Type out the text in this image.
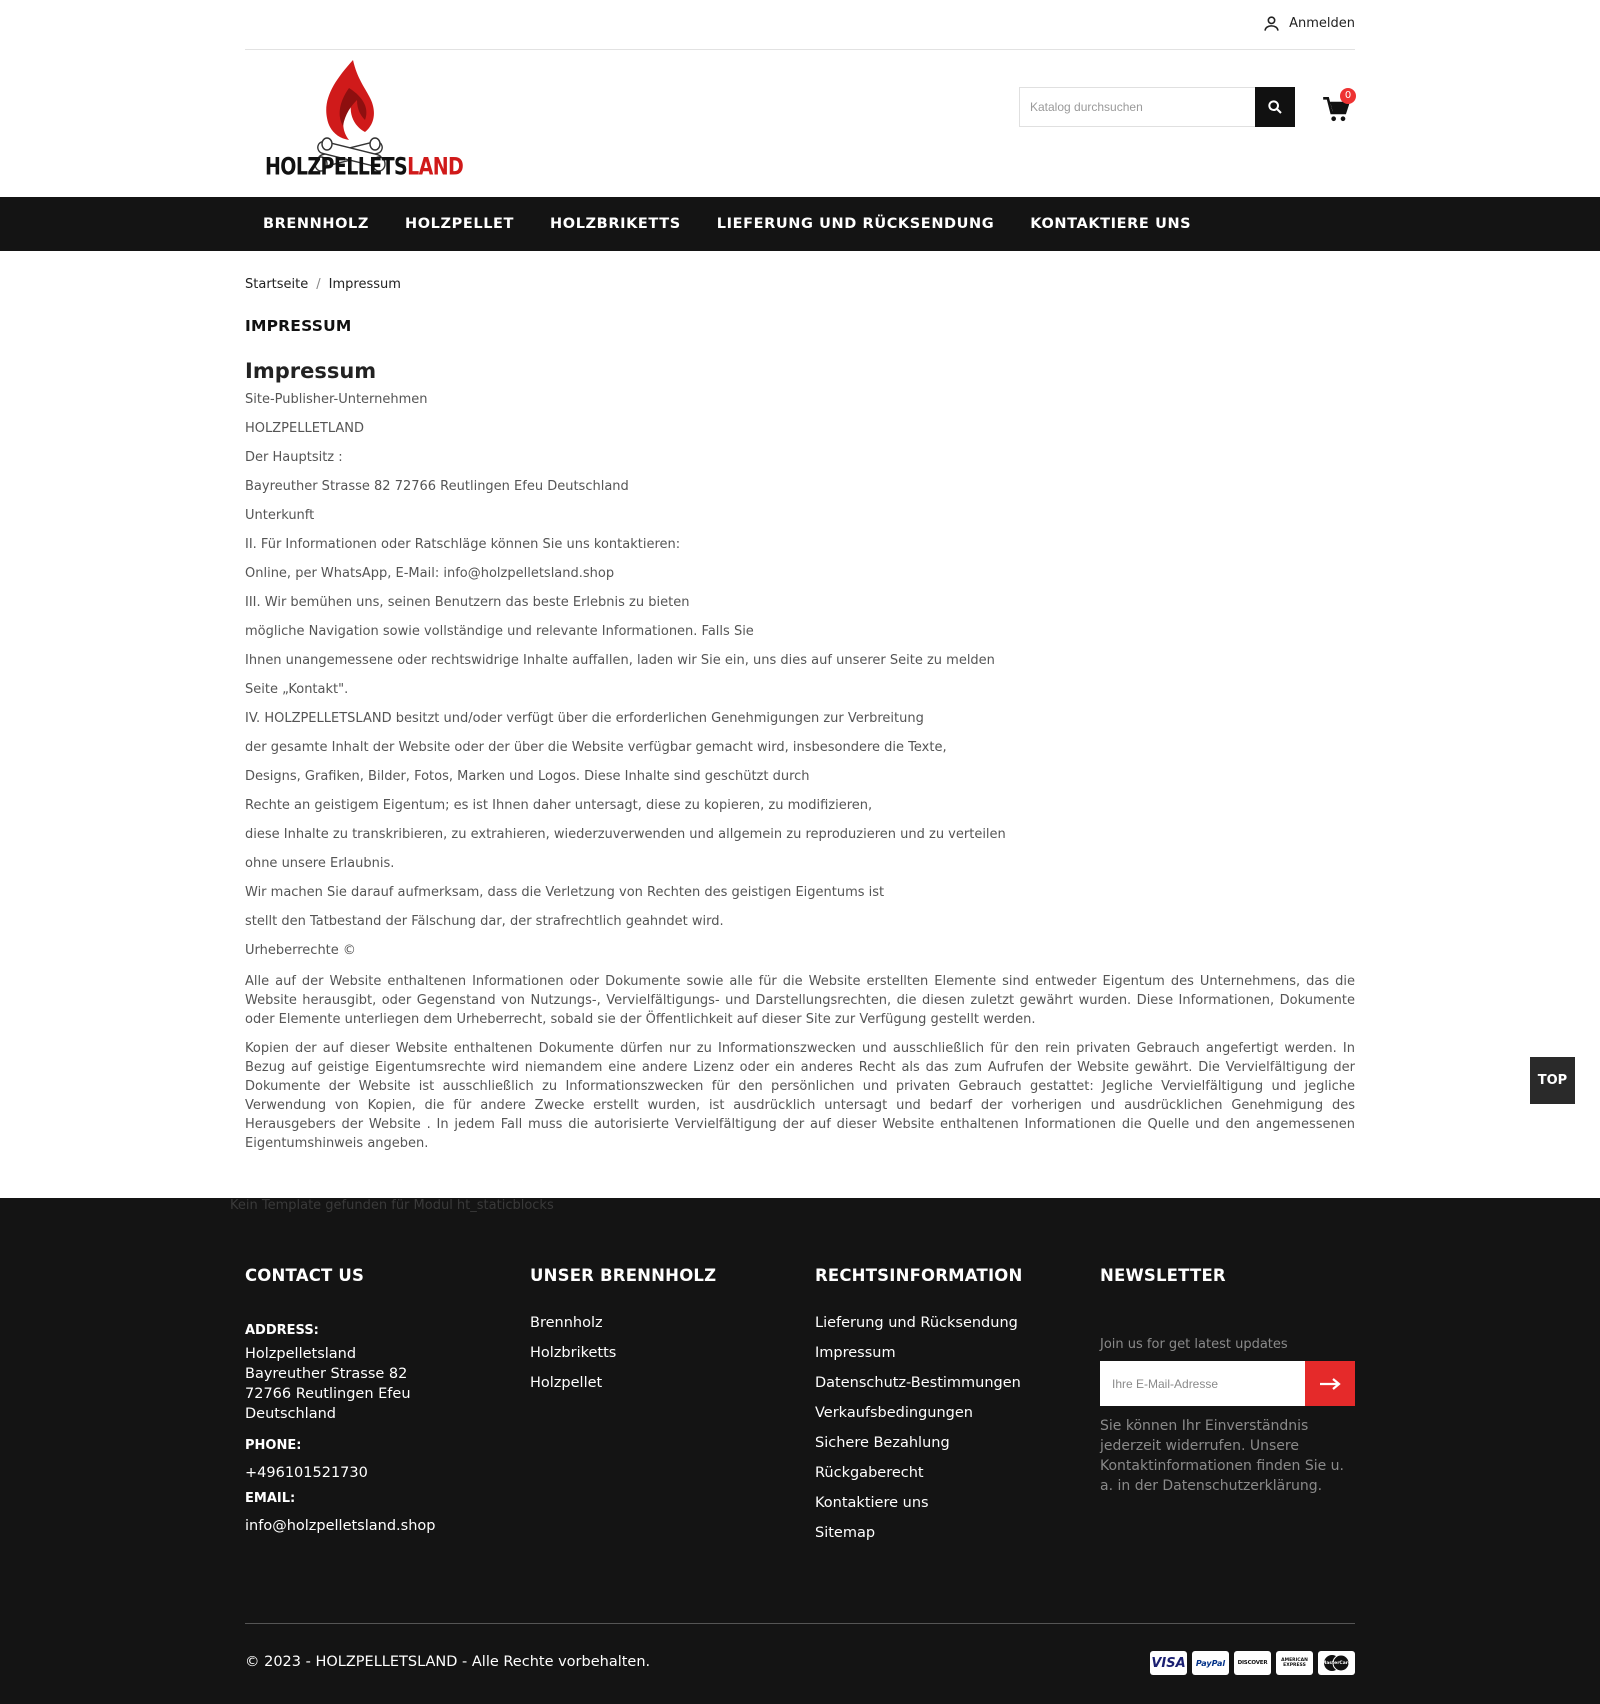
Anmelden
HOLZPELLETSLAND
Katalog durchsuchen
0
BRENNHOLZ	HOLZPELLET	HOLZBRIKETTS	LIEFERUNG UND RÜCKSENDUNG	KONTAKTIERE UNS
Startseite / Impressum
IMPRESSUM
Impressum

Site-Publisher-Unternehmen

HOLZPELLETLAND

Der Hauptsitz :

Bayreuther Strasse 82 72766 Reutlingen Efeu Deutschland

Unterkunft

II. Für Informationen oder Ratschläge können Sie uns kontaktieren:

Online, per WhatsApp, E-Mail: info@holzpelletsland.shop

III. Wir bemühen uns, seinen Benutzern das beste Erlebnis zu bieten

mögliche Navigation sowie vollständige und relevante Informationen. Falls Sie

Ihnen unangemessene oder rechtswidrige Inhalte auffallen, laden wir Sie ein, uns dies auf unserer Seite zu melden

Seite „Kontakt".

IV. HOLZPELLETSLAND besitzt und/oder verfügt über die erforderlichen Genehmigungen zur Verbreitung

der gesamte Inhalt der Website oder der über die Website verfügbar gemacht wird, insbesondere die Texte,

Designs, Grafiken, Bilder, Fotos, Marken und Logos. Diese Inhalte sind geschützt durch

Rechte an geistigem Eigentum; es ist Ihnen daher untersagt, diese zu kopieren, zu modifizieren,

diese Inhalte zu transkribieren, zu extrahieren, wiederzuverwenden und allgemein zu reproduzieren und zu verteilen

ohne unsere Erlaubnis.

Wir machen Sie darauf aufmerksam, dass die Verletzung von Rechten des geistigen Eigentums ist

stellt den Tatbestand der Fälschung dar, der strafrechtlich geahndet wird.

Urheberrechte ©

Alle auf der Website enthaltenen Informationen oder Dokumente sowie alle für die Website erstellten Elemente sind entweder Eigentum des Unternehmens, das die Website herausgibt, oder Gegenstand von Nutzungs-, Vervielfältigungs- und Darstellungsrechten, die diesen zuletzt gewährt wurden. Diese Informationen, Dokumente oder Elemente unterliegen dem Urheberrecht, sobald sie der Öffentlichkeit auf dieser Site zur Verfügung gestellt werden.

Kopien der auf dieser Website enthaltenen Dokumente dürfen nur zu Informationszwecken und ausschließlich für den rein privaten Gebrauch angefertigt werden. In Bezug auf geistige Eigentumsrechte wird niemandem eine andere Lizenz oder ein anderes Recht als das zum Aufrufen der Website gewährt. Die Vervielfältigung der Dokumente der Website ist ausschließlich zu Informationszwecken für den persönlichen und privaten Gebrauch gestattet: Jegliche Vervielfältigung und jegliche Verwendung von Kopien, die für andere Zwecke erstellt wurden, ist ausdrücklich untersagt und bedarf der vorherigen und ausdrücklichen Genehmigung des Herausgebers der Website . In jedem Fall muss die autorisierte Vervielfältigung der auf dieser Website enthaltenen Informationen die Quelle und den angemessenen Eigentumshinweis angeben.

TOP
Kein Template gefunden für Modul ht_staticblocks
CONTACT US
ADDRESS:
Holzpelletsland
Bayreuther Strasse 82
72766 Reutlingen Efeu
Deutschland
PHONE:
+496101521730
EMAIL:
info@holzpelletsland.shop
UNSER BRENNHOLZ
Brennholz
Holzbriketts
Holzpellet
RECHTSINFORMATION
Lieferung und Rücksendung
Impressum
Datenschutz-Bestimmungen
Verkaufsbedingungen
Sichere Bezahlung
Rückgaberecht
Kontaktiere uns
Sitemap
NEWSLETTER
Join us for get latest updates
Ihre E-Mail-Adresse
Sie können Ihr Einverständnis jederzeit widerrufen. Unsere Kontaktinformationen finden Sie u. a. in der Datenschutzerklärung.
© 2023 - HOLZPELLETSLAND - Alle Rechte vorbehalten.	VISA PayPal DISCOVER	AMERICAN EXPRESS	MasterCard
